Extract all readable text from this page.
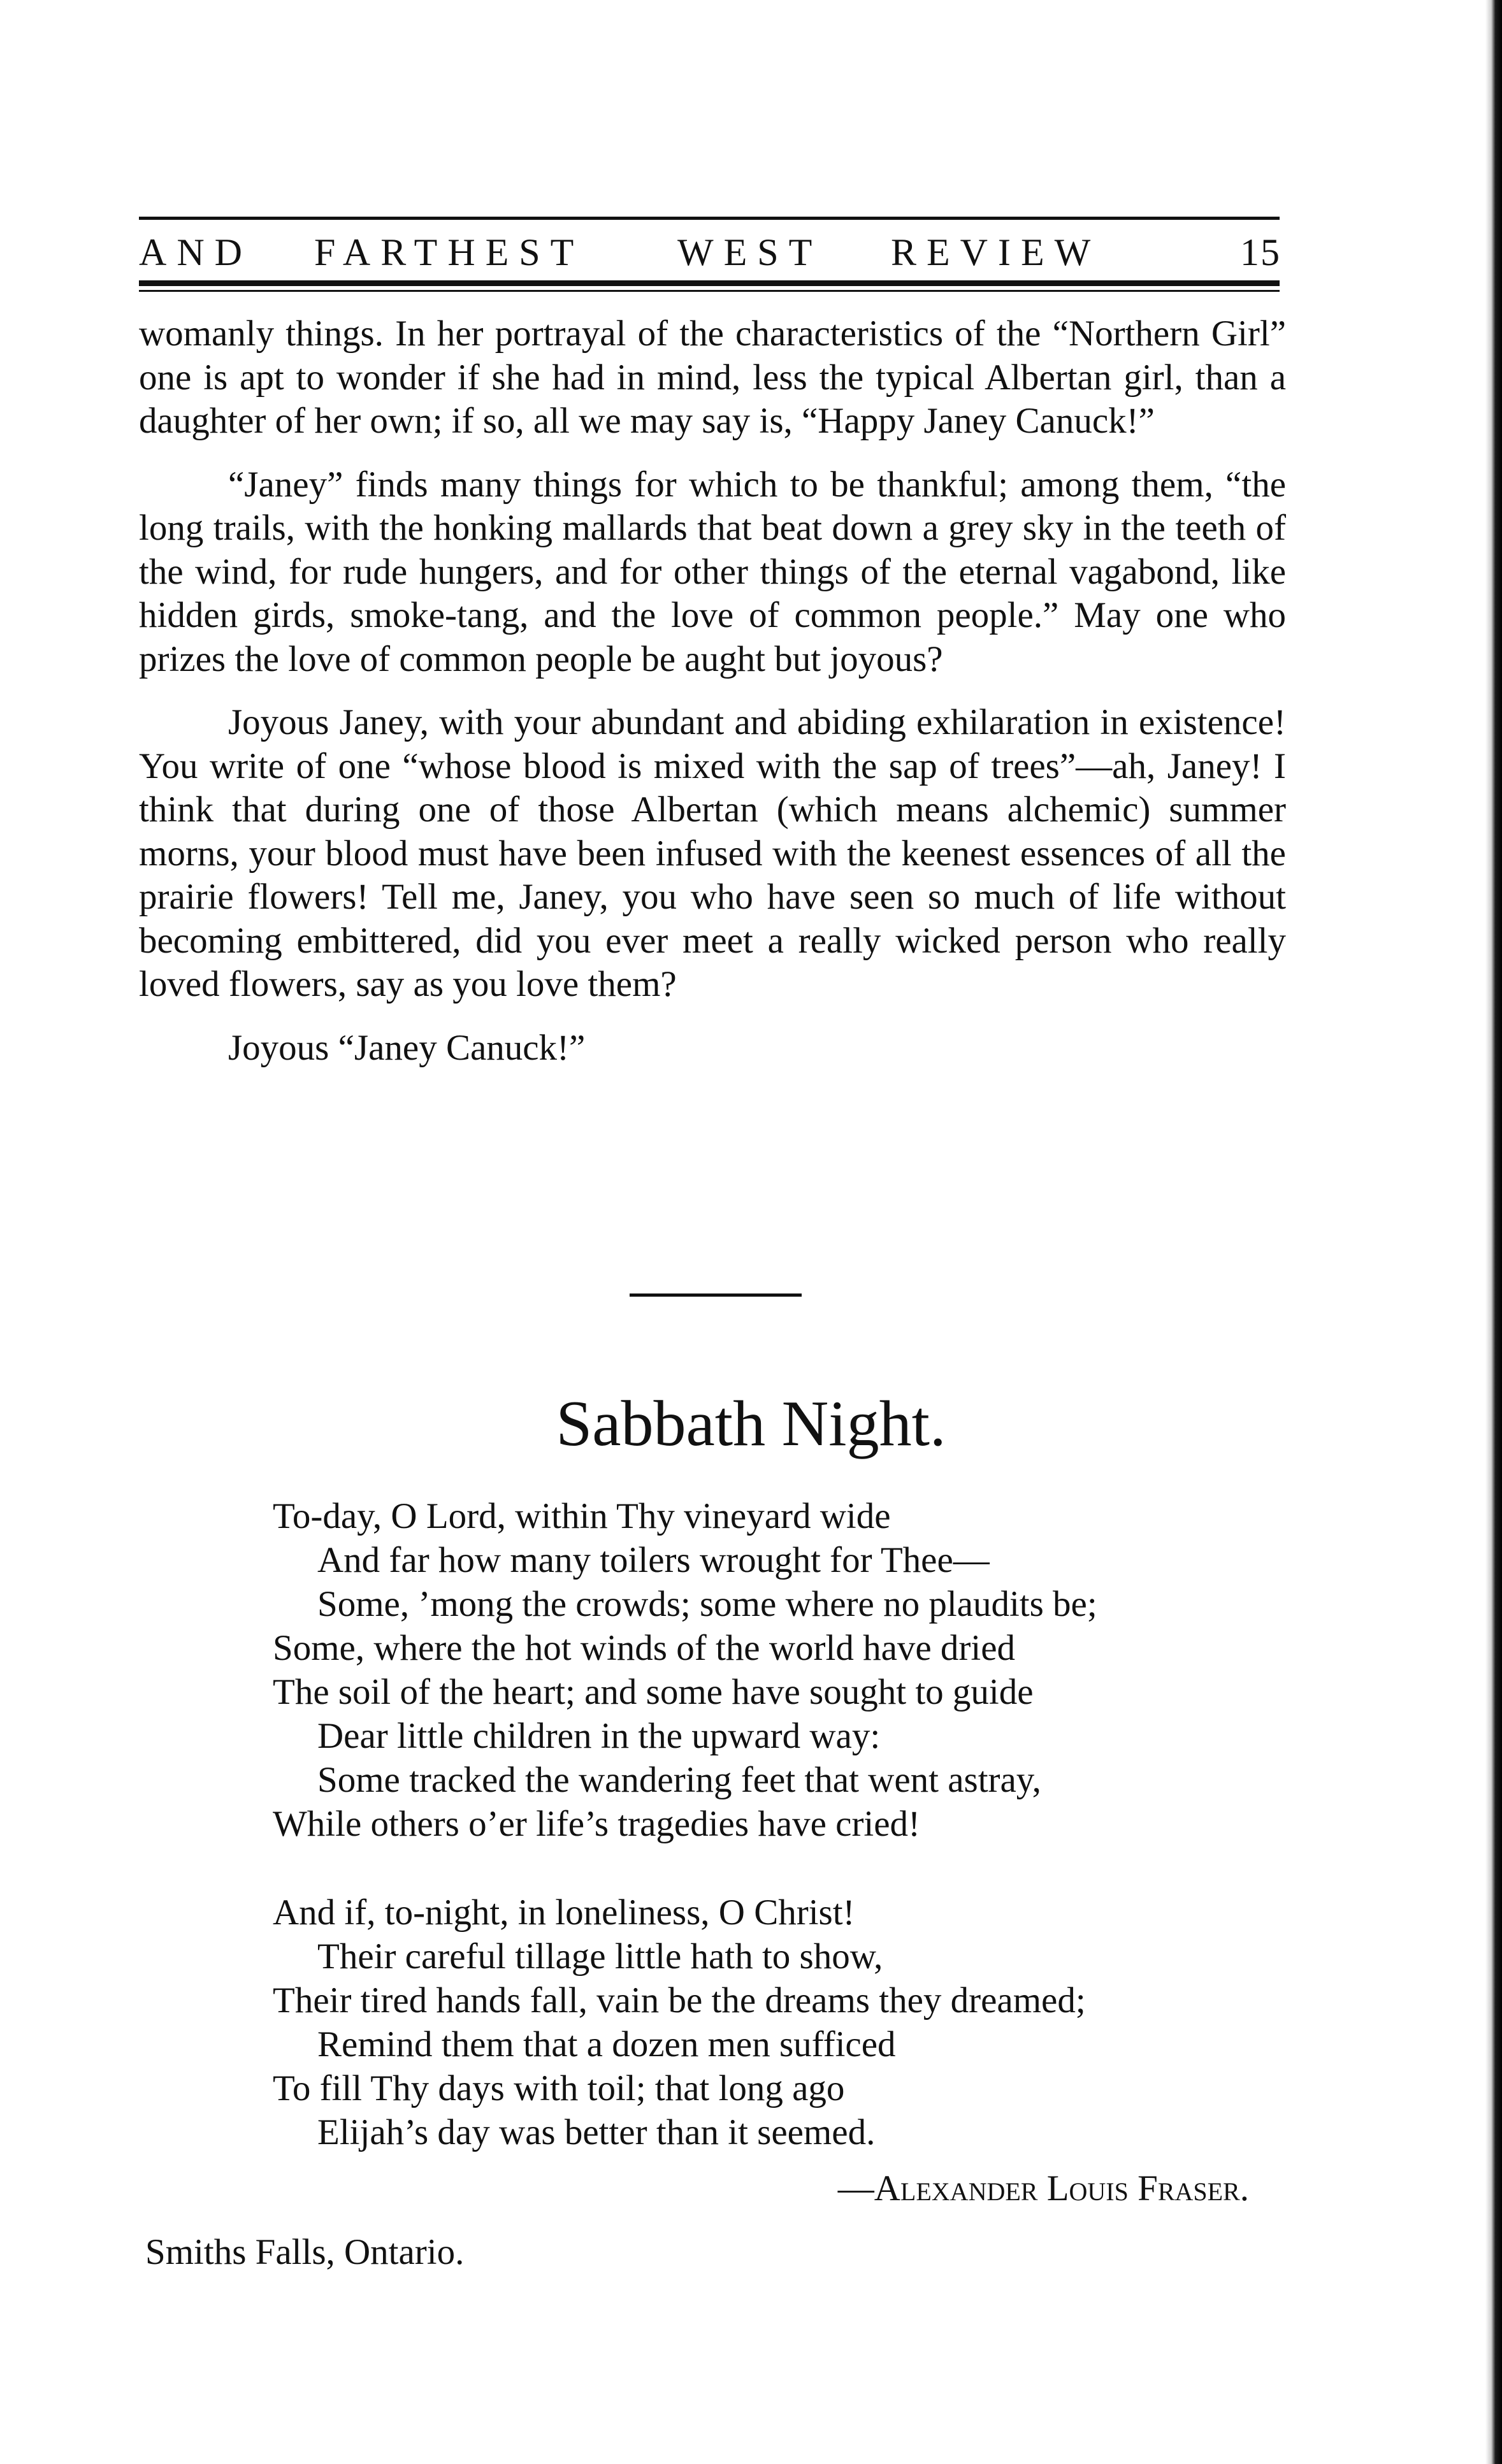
AND FARTHEST WEST REVIEW	15

womanly things. In her portrayal of the characteristics of the “Northern Girl” one is apt to wonder if she had in mind, less the typical Albertan girl, than a daughter of her own; if so, all we may say is, “Happy Janey Canuck!”

“Janey” finds many things for which to be thankful; among them, “the long trails, with the honking mallards that beat down a grey sky in the teeth of the wind, for rude hungers, and for other things of the eternal vagabond, like hidden girds, smoke-tang, and the love of common people.” May one who prizes the love of common people be aught but joyous?

Joyous Janey, with your abundant and abiding exhilaration in existence! You write of one “whose blood is mixed with the sap of trees”—ah, Janey! I think that during one of those Albertan (which means alchemic) summer morns, your blood must have been infused with the keenest essences of all the prairie flowers! Tell me, Janey, you who have seen so much of life without becoming embittered, did you ever meet a really wicked person who really loved flowers, say as you love them?

Joyous “Janey Canuck!”

Sabbath Night.
To-day, O Lord, within Thy vineyard wide
And far how many toilers wrought for Thee—
Some, ’mong the crowds; some where no plaudits be;
Some, where the hot winds of the world have dried
The soil of the heart; and some have sought to guide
Dear little children in the upward way:
Some tracked the wandering feet that went astray,
While others o’er life’s tragedies have cried!
And if, to-night, in loneliness, O Christ!
Their careful tillage little hath to show,
Their tired hands fall, vain be the dreams they dreamed;
Remind them that a dozen men sufficed
To fill Thy days with toil; that long ago
Elijah’s day was better than it seemed.
—Alexander Louis Fraser.
Smiths Falls, Ontario.
